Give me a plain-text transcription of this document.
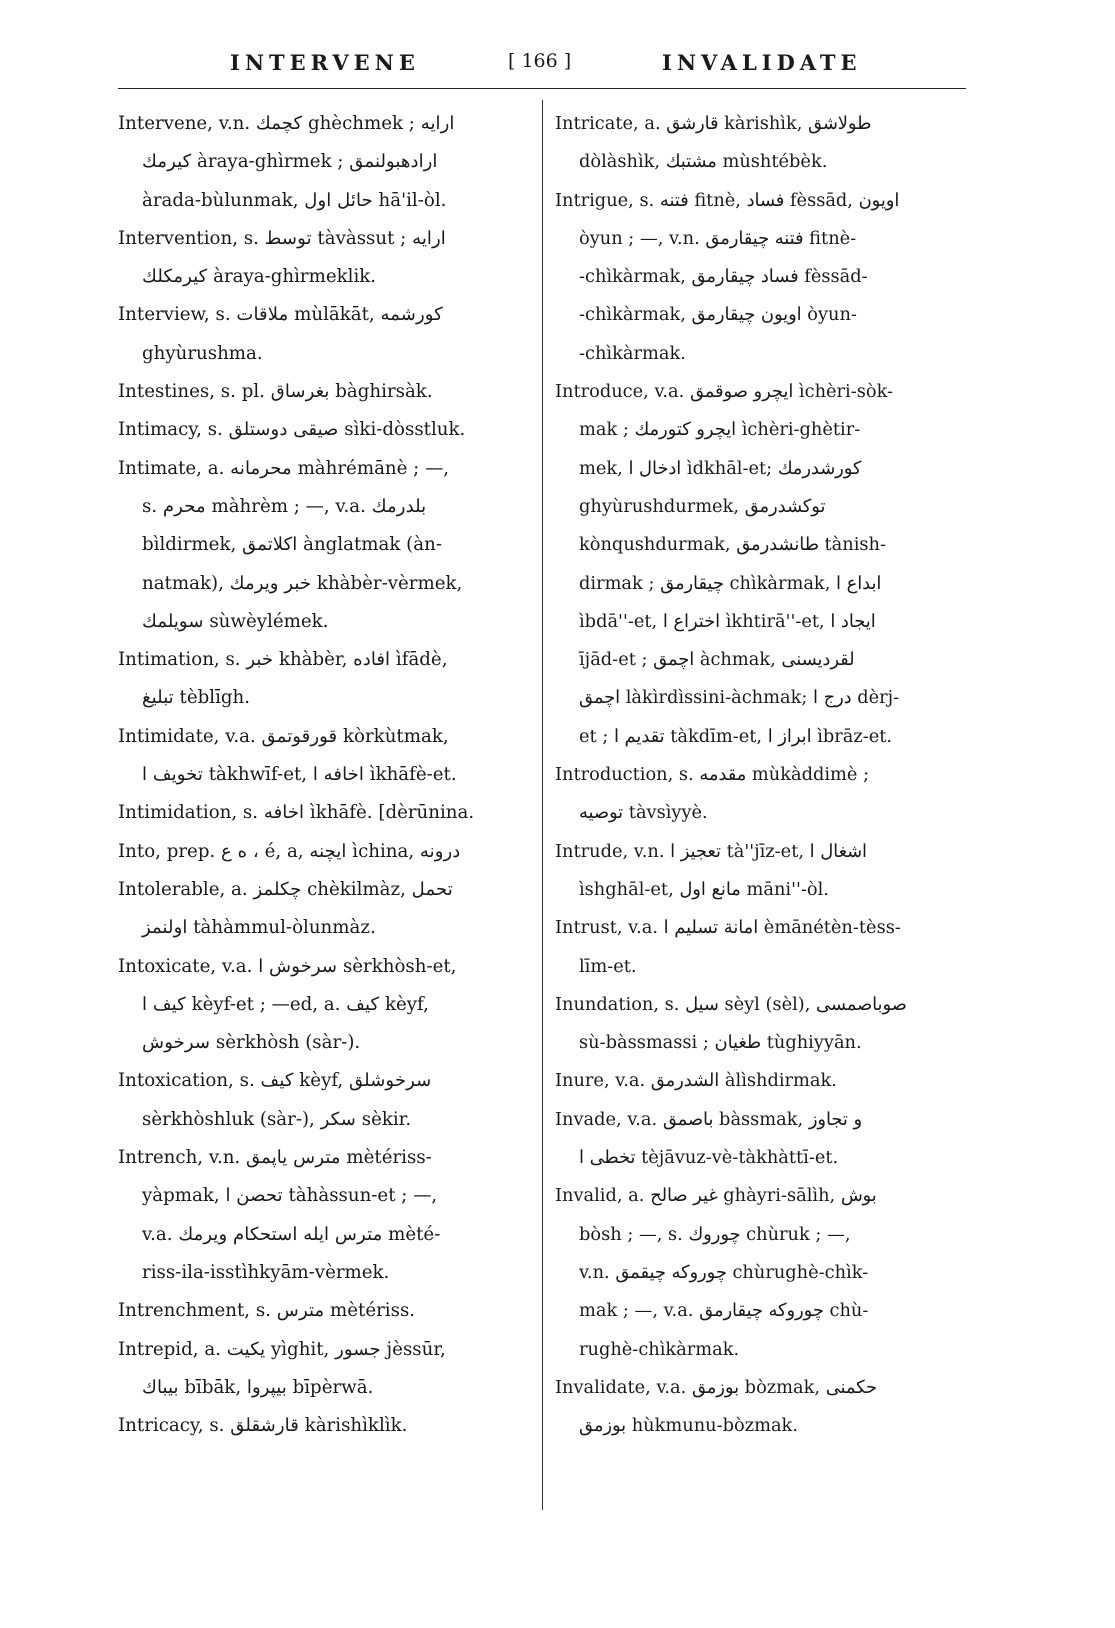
INTERVENE	[ 166 ]	INVALIDATE
Intervene, v.n. كچمك ghèchmek ; ارايه
كيرمك àraya-ghìrmek ; ارادهبولنمق
àrada-bùlunmak, حائل اول hā'il-òl.
Intervention, s. توسط tàvàssut ; ارايه
كيرمكلك àraya-ghìrmeklik.
Interview, s. ملاقات mùlākāt, كورشمه
ghyùrushma.
Intestines, s. pl. بغرساق bàghirsàk.
Intimacy, s. صيقى دوستلق sìki-dòsstluk.
Intimate, a. محرمانه màhrémānè ; —,
s. محرم màhrèm ; —, v.a. بلدرمك
bìldirmek, اكلاتمق ànglatmak (àn-
natmak), خبر ويرمك khàbèr-vèrmek,
سويلمك sùwèylémek.
Intimation, s. خبر khàbèr, افاده ìfādè,
تبليغ tèblīgh.
Intimidate, v.a. قورقوتمق kòrkùtmak,
تخويف ا tàkhwīf-et, اخافه ا ìkhāfè-et.
Intimidation, s. اخافه ìkhāfè. [dèrūnina.
Into, prep. ه ع ، é, a, ايچنه ìchina, درونه
Intolerable, a. چكلمز chèkilmàz, تحمل
اولنمز tàhàmmul-òlunmàz.
Intoxicate, v.a. سرخوش ا sèrkhòsh-et,
كيف ا kèyf-et ; —ed, a. كيف kèyf,
سرخوش sèrkhòsh (sàr-).
Intoxication, s. كيف kèyf, سرخوشلق
sèrkhòshluk (sàr-), سكر sèkir.
Intrench, v.n. مترس ياپمق mètériss-
yàpmak, تحصن ا tàhàssun-et ; —,
v.a. مترس ايله استحكام ويرمك mèté-
riss-ila-isstìhkyām-vèrmek.
Intrenchment, s. مترس mètériss.
Intrepid, a. يكيت yìghit, جسور jèssūr,
بيباك bībāk, بيپروا bīpèrwā.
Intricacy, s. قارشقلق kàrishìklìk.
Intricate, a. قارشق kàrishìk, طولاشق
dòlàshìk, مشتبك mùshtébèk.
Intrigue, s. فتنه fitnè, فساد fèssād, اويون
òyun ; —, v.n. فتنه چيقارمق fitnè-
-chìkàrmak, فساد چيقارمق fèssād-
-chìkàrmak, اويون چيقارمق òyun-
-chìkàrmak.
Introduce, v.a. ايچرو صوقمق ìchèri-sòk-
mak ; ايچرو كتورمك ìchèri-ghètir-
mek, ادخال ا ìdkhāl-et; كورشدرمك
ghyùrushdurmek, توكشدرمق
kònqushdurmak, طانشدرمق tànish-
dirmak ; چيقارمق chìkàrmak, ابداع ا
ìbdā''-et, اختراع ا ìkhtirā''-et, ايجاد ا
ījād-et ; اچمق àchmak, لقرديسنى
اچمق làkìrdìssini-àchmak; درج ا dèrj-
et ; تقديم ا tàkdīm-et, ابراز ا ìbrāz-et.
Introduction, s. مقدمه mùkàddimè ;
توصيه tàvsìyyè.
Intrude, v.n. تعجيز ا tà''jīz-et, اشغال ا
ìshghāl-et, مانع اول māni''-òl.
Intrust, v.a. امانة تسليم ا èmānétèn-tèss-
līm-et.
Inundation, s. سيل sèyl (sèl), صوباصمسى
sù-bàssmassi ; طغيان tùghiyyān.
Inure, v.a. الشدرمق àlìshdirmak.
Invade, v.a. باصمق bàssmak, و تجاوز
تخطى ا tèjāvuz-vè-tàkhàttī-et.
Invalid, a. غير صالح ghàyri-sālìh, بوش
bòsh ; —, s. چوروك chùruk ; —,
v.n. چوروكه چيقمق chùrughè-chìk-
mak ; —, v.a. چوروكه چيقارمق chù-
rughè-chìkàrmak.
Invalidate, v.a. بوزمق bòzmak, حكمنى
بوزمق hùkmunu-bòzmak.
